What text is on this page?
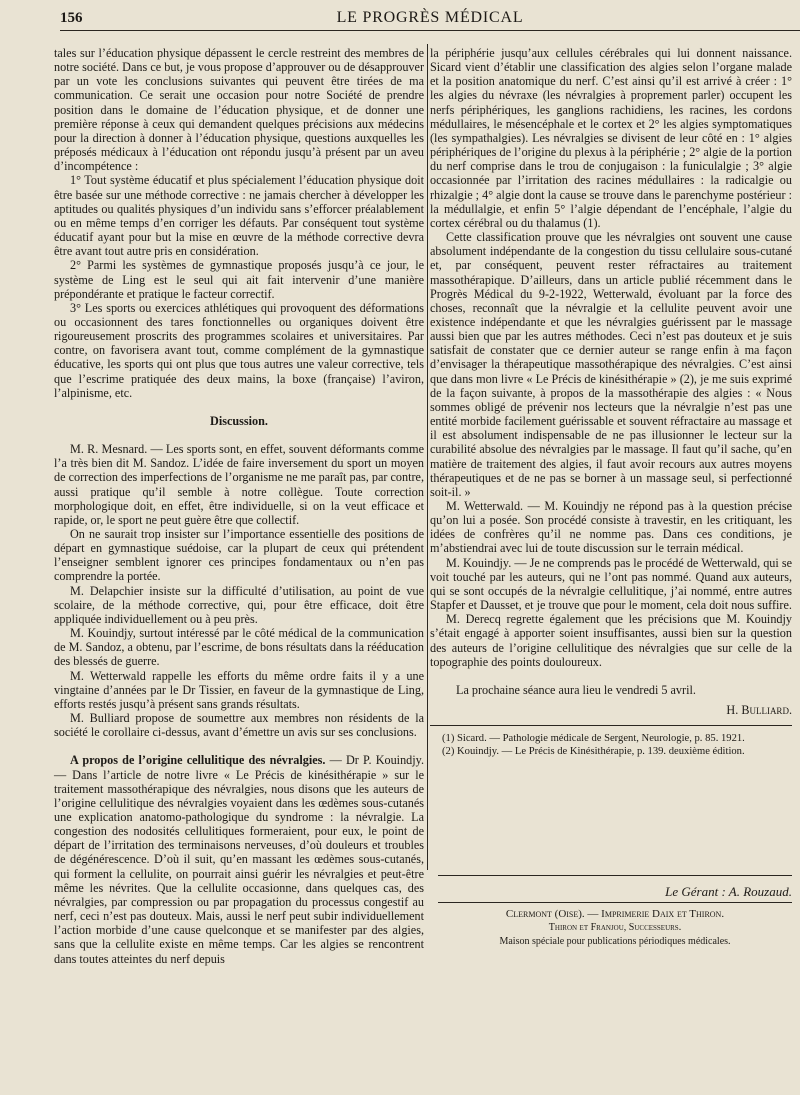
156	LE PROGRÈS MÉDICAL

tales sur l’éducation physique dépassent le cercle restreint des membres de notre société. Dans ce but, je vous propose d’approuver ou de désapprouver par un vote les conclusions suivantes qui peuvent être tirées de ma communication. Ce serait une occasion pour notre Société de prendre position dans le domaine de l’éducation physique, et de donner une première réponse à ceux qui demandent quelques précisions aux médecins pour la direction à donner à l’éducation physique, questions auxquelles les préposés médicaux à l’éducation ont répondu jusqu’à présent par un aveu d’incompétence :

1° Tout système éducatif et plus spécialement l’éducation physique doit être basée sur une méthode corrective : ne jamais chercher à développer les aptitudes ou qualités physiques d’un individu sans s’efforcer préalablement ou en même temps d’en corriger les défauts. Par conséquent tout système éducatif ayant pour but la mise en œuvre de la méthode corrective devra être avant tout autre pris en considération.

2° Parmi les systèmes de gymnastique proposés jusqu’à ce jour, le système de Ling est le seul qui ait fait intervenir d’une manière prépondérante et pratique le facteur correctif.

3° Les sports ou exercices athlétiques qui provoquent des déformations ou occasionnent des tares fonctionnelles ou organiques doivent être rigoureusement proscrits des programmes scolaires et universitaires. Par contre, on favorisera avant tout, comme complément de la gymnastique éducative, les sports qui ont plus que tous autres une valeur corrective, tels que l’escrime pratiquée des deux mains, la boxe (française) l’aviron, l’alpinisme, etc.

Discussion.

M. R. Mesnard. — Les sports sont, en effet, souvent déformants comme l’a très bien dit M. Sandoz. L’idée de faire inversement du sport un moyen de correction des imperfections de l’organisme ne me paraît pas, par contre, aussi pratique qu’il semble à notre collègue. Toute correction morphologique doit, en effet, être individuelle, si on la veut efficace et rapide, or, le sport ne peut guère être que collectif.

On ne saurait trop insister sur l’importance essentielle des positions de départ en gymnastique suédoise, car la plupart de ceux qui prétendent l’enseigner semblent ignorer ces principes fondamentaux ou n’en pas comprendre la portée.

M. Delapchier insiste sur la difficulté d’utilisation, au point de vue scolaire, de la méthode corrective, qui, pour être efficace, doit être appliquée individuellement ou à peu près.

M. Kouindjy, surtout intéressé par le côté médical de la communication de M. Sandoz, a obtenu, par l’escrime, de bons résultats dans la rééducation des blessés de guerre.

M. Wetterwald rappelle les efforts du même ordre faits il y a une vingtaine d’années par le Dr Tissier, en faveur de la gymnastique de Ling, efforts restés jusqu’à présent sans grands résultats.

M. Bulliard propose de soumettre aux membres non résidents de la société le corollaire ci-dessus, avant d’émettre un avis sur ses conclusions.

A propos de l’origine cellulitique des névralgies. — Dr P. Kouindjy. — Dans l’article de notre livre « Le Précis de kinésithérapie » sur le traitement massothérapique des névralgies, nous disons que les auteurs de l’origine cellulitique des névralgies voyaient dans les œdèmes sous-cutanés une explication anatomo-pathologique du syndrome : la névralgie. La congestion des nodosités cellulitiques formeraient, pour eux, le point de départ de l’irritation des terminaisons nerveuses, d’où douleurs et troubles de dégénérescence. D’où il suit, qu’en massant les œdèmes sous-cutanés, qui forment la cellulite, on pourrait ainsi guérir les névralgies et peut-être même les névrites. Que la cellulite occasionne, dans quelques cas, des névralgies, par compression ou par propagation du processus congestif au nerf, ceci n’est pas douteux. Mais, aussi le nerf peut subir individuellement l’action morbide d’une cause quelconque et se manifester par des algies, sans que la cellulite existe en même temps. Car les algies se rencontrent dans toutes atteintes du nerf depuis

la périphérie jusqu’aux cellules cérébrales qui lui donnent naissance. Sicard vient d’établir une classification des algies selon l’organe malade et la position anatomique du nerf. C’est ainsi qu’il est arrivé à créer : 1° les algies du névraxe (les névralgies à proprement parler) occupent les nerfs périphériques, les ganglions rachidiens, les racines, les cordons médullaires, le mésencéphale et le cortex et 2° les algies symptomatiques (les sympathalgies). Les névralgies se divisent de leur côté en : 1° algies périphériques de l’origine du plexus à la périphérie ; 2° algie de la portion du nerf comprise dans le trou de conjugaison : la funiculalgie ; 3° algie occasionnée par l’irritation des racines médullaires : la radicalgie ou rhizalgie ; 4° algie dont la cause se trouve dans le parenchyme postérieur : la médullalgie, et enfin 5° l’algie dépendant de l’encéphale, l’algie du cortex cérébral ou du thalamus (1).

Cette classification prouve que les névralgies ont souvent une cause absolument indépendante de la congestion du tissu cellulaire sous-cutané et, par conséquent, peuvent rester réfractaires au traitement massothérapique. D’ailleurs, dans un article publié récemment dans le Progrès Médical du 9-2-1922, Wetterwald, évoluant par la force des choses, reconnaît que la névralgie et la cellulite peuvent avoir une existence indépendante et que les névralgies guérissent par le massage aussi bien que par les autres méthodes. Ceci n’est pas douteux et je suis satisfait de constater que ce dernier auteur se range enfin à ma façon d’envisager la thérapeutique massothérapique des névralgies. C’est ainsi que dans mon livre « Le Précis de kinésithérapie » (2), je me suis exprimé de la façon suivante, à propos de la massothérapie des algies : « Nous sommes obligé de prévenir nos lecteurs que la névralgie n’est pas une entité morbide facilement guérissable et souvent réfractaire au massage et il est absolument indispensable de ne pas illusionner le lecteur sur la curabilité absolue des névralgies par le massage. Il faut qu’il sache, qu’en matière de traitement des algies, il faut avoir recours aux autres moyens thérapeutiques et de ne pas se borner à un massage seul, si perfectionné soit-il. »

M. Wetterwald. — M. Kouindjy ne répond pas à la question précise qu’on lui a posée. Son procédé consiste à travestir, en les critiquant, les idées de confrères qu’il ne nomme pas. Dans ces conditions, je m’abstiendrai avec lui de toute discussion sur le terrain médical.

M. Kouindjy. — Je ne comprends pas le procédé de Wetterwald, qui se voit touché par les auteurs, qui ne l’ont pas nommé. Quand aux auteurs, qui se sont occupés de la névralgie cellulitique, j’ai nommé, entre autres Stapfer et Dausset, et je trouve que pour le moment, cela doit nous suffire.

M. Derecq regrette également que les précisions que M. Kouindjy s’était engagé à apporter soient insuffisantes, aussi bien sur la question des auteurs de l’origine cellulitique des névralgies que sur celle de la topographie des points douloureux.

La prochaine séance aura lieu le vendredi 5 avril.

H. Bulliard.

(1) Sicard. — Pathologie médicale de Sergent, Neurologie, p. 85. 1921.

(2) Kouindjy. — Le Précis de Kinésithérapie, p. 139. deuxième édition.

Le Gérant : A. Rouzaud.
Clermont (Oise). — Imprimerie Daix et Thiron.
Thiron et Franjou, Successeurs.
Maison spéciale pour publications périodiques médicales.
